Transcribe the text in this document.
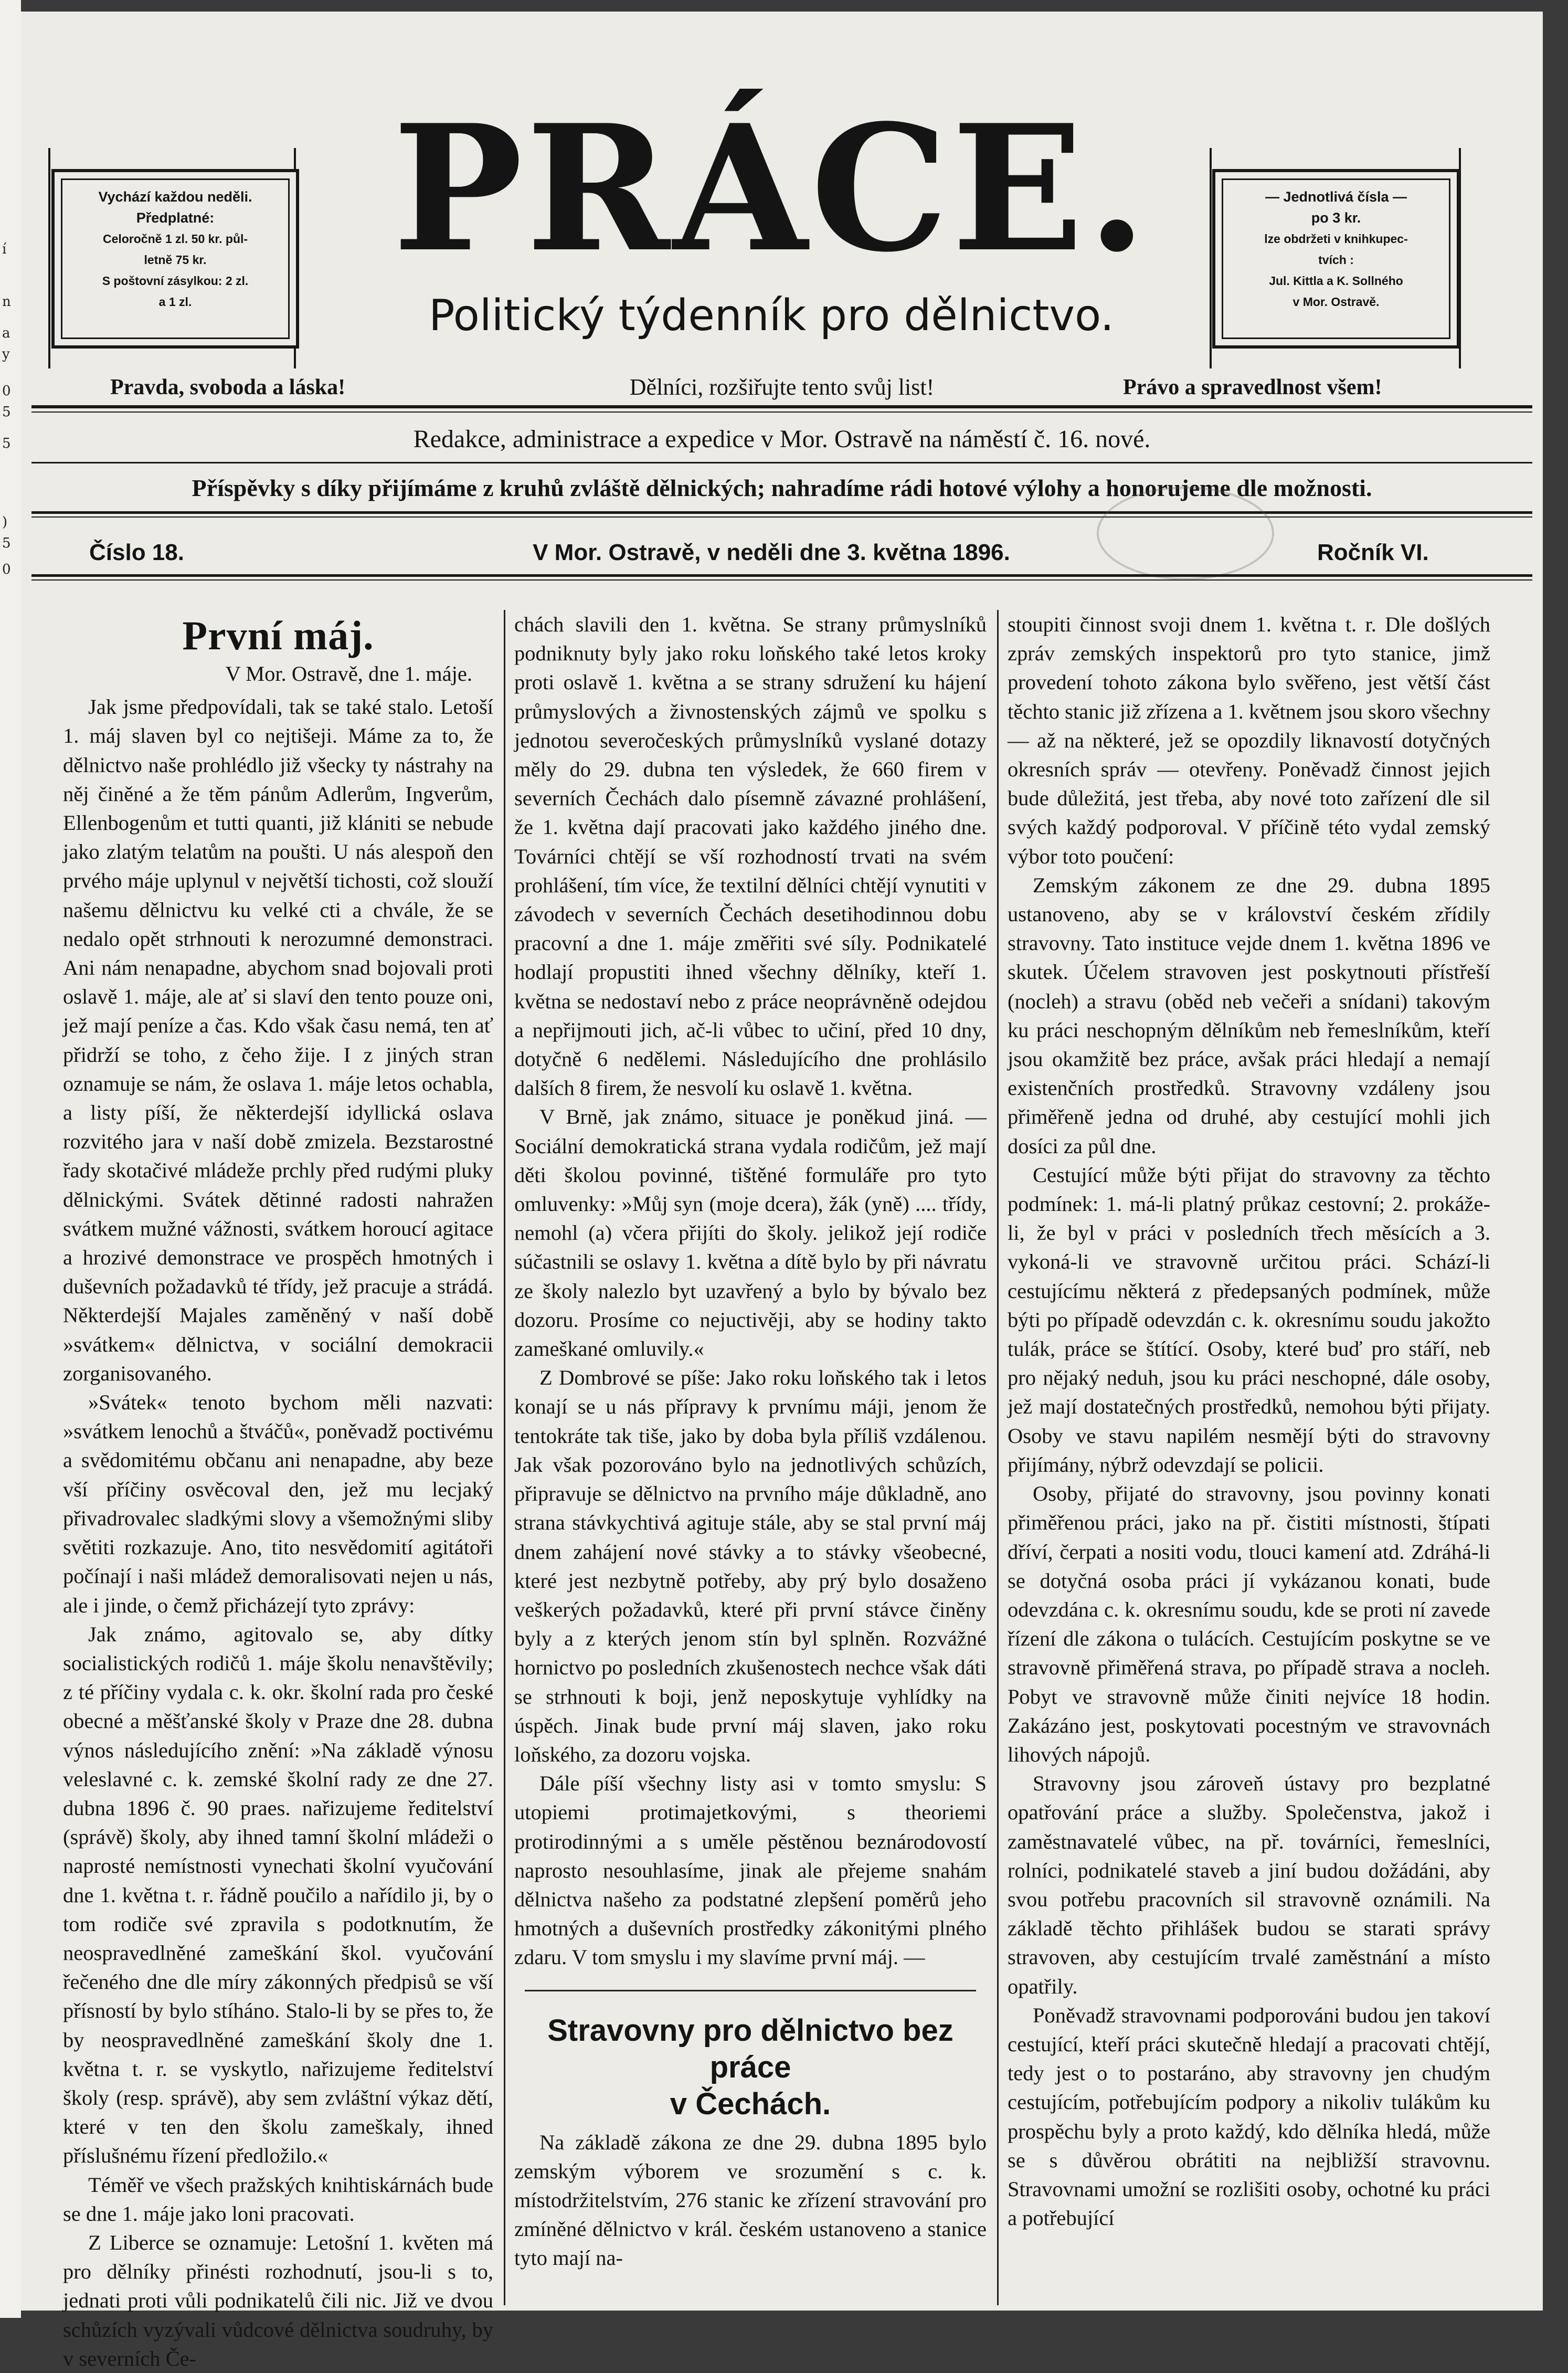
í
n
a
y
0
5
5
)
5
0
Vychází každou neděli.
Předplatné:
Celoročně 1 zl. 50 kr. půl-
letně 75 kr.
S poštovní zásylkou: 2 zl.
a 1 zl.
— Jednotlivá čísla —
po 3 kr.
lze obdržeti v knihkupec-
tvích :
Jul. Kittla a K. Sollného
v Mor. Ostravě.
PRÁCE.
Politický týdenník pro dělnictvo.
Pravda, svoboda a láska!	Dělníci, rozšiřujte tento svůj list!	Právo a spravedlnost všem!
Redakce, administrace a expedice v Mor. Ostravě na náměstí č. 16. nové.
Příspěvky s díky přijímáme z kruhů zvláště dělnických; nahradíme rádi hotové výlohy a honorujeme dle možnosti.
Číslo 18.	V Mor. Ostravě, v neděli dne 3. května 1896.	Ročník VI.
První máj.

V Mor. Ostravě, dne 1. máje.

Jak jsme předpovídali, tak se také stalo. Letoší 1. máj slaven byl co nejtišeji. Máme za to, že dělnictvo naše prohlédlo již všecky ty nástrahy na něj činěné a že těm pánům Adlerům, Ingverům, Ellenbogenům et tutti quanti, již klániti se nebude jako zlatým telatům na poušti. U nás alespoň den prvého máje uplynul v největší tichosti, což slouží našemu dělnictvu ku velké cti a chvále, že se nedalo opět strhnouti k nerozumné demonstraci. Ani nám nenapadne, abychom snad bojovali proti oslavě 1. máje, ale ať si slaví den tento pouze oni, jež mají peníze a čas. Kdo však času nemá, ten ať přidrží se toho, z čeho žije. I z jiných stran oznamuje se nám, že oslava 1. máje letos ochabla, a listy píší, že některdejší idyllická oslava rozvitého jara v naší době zmizela. Bezstarostné řady skotačivé mládeže prchly před rudými pluky dělnickými. Svátek dětinné radosti nahražen svátkem mužné vážnosti, svátkem horoucí agitace a hrozivé demonstrace ve prospěch hmotných i duševních požadavků té třídy, jež pracuje a strádá. Některdejší Majales zaměněný v naší době »svátkem« dělnictva, v sociální demokracii zorganisovaného.

»Svátek« tenoto bychom měli nazvati: »svátkem lenochů a štváčů«, poněvadž poctivému a svědomitému občanu ani nenapadne, aby beze vší příčiny osvěcoval den, jež mu lecjaký přivadrovalec sladkými slovy a všemožnými sliby světiti rozkazuje. Ano, tito nesvědomití agitátoři počínají i naši mládež demoralisovati nejen u nás, ale i jinde, o čemž přicházejí tyto zprávy:

Jak známo, agitovalo se, aby dítky socialistických rodičů 1. máje školu nenavštěvily; z té příčiny vydala c. k. okr. školní rada pro české obecné a měšťanské školy v Praze dne 28. dubna výnos následujícího znění: »Na základě výnosu veleslavné c. k. zemské školní rady ze dne 27. dubna 1896 č. 90 praes. nařizujeme ředitelství (správě) školy, aby ihned tamní školní mládeži o naprosté nemístnosti vynechati školní vyučování dne 1. května t. r. řádně poučilo a nařídilo ji, by o tom rodiče své zpravila s podotknutím, že neospravedlněné zameškání škol. vyučování řečeného dne dle míry zákonných předpisů se vší přísností by bylo stíháno. Stalo-li by se přes to, že by neospravedlněné zameškání školy dne 1. května t. r. se vyskytlo, nařizujeme ředitelství školy (resp. správě), aby sem zvláštní výkaz dětí, které v ten den školu zameškaly, ihned příslušnému řízení předložilo.«

Téměř ve všech pražských knihtiskárnách bude se dne 1. máje jako loni pracovati.

Z Liberce se oznamuje: Letošní 1. květen má pro dělníky přinésti rozhodnutí, jsou-li s to, jednati proti vůli podnikatelů čili nic. Již ve dvou schůzích vyzývali vůdcové dělnictva soudruhy, by v severních Če-

chách slavili den 1. května. Se strany průmyslníků podniknuty byly jako roku loňského také letos kroky proti oslavě 1. května a se strany sdružení ku hájení průmyslových a živnostenských zájmů ve spolku s jednotou severočeských průmyslníků vyslané dotazy měly do 29. dubna ten výsledek, že 660 firem v severních Čechách dalo písemně závazné prohlášení, že 1. května dají pracovati jako každého jiného dne. Továrníci chtějí se vší rozhodností trvati na svém prohlášení, tím více, že textilní dělníci chtějí vynutiti v závodech v severních Čechách desetihodinnou dobu pracovní a dne 1. máje změřiti své síly. Podnikatelé hodlají propustiti ihned všechny dělníky, kteří 1. května se nedostaví nebo z práce neoprávněně odejdou a nepřijmouti jich, ač-li vůbec to učiní, před 10 dny, dotyčně 6 nedělemi. Následujícího dne prohlásilo dalších 8 firem, že nesvolí ku oslavě 1. května.

V Brně, jak známo, situace je poněkud jiná. — Sociální demokratická strana vydala rodičům, jež mají děti školou povinné, tištěné formuláře pro tyto omluvenky: »Můj syn (moje dcera), žák (yně) .... třídy, nemohl (a) včera přijíti do školy. jelikož její rodiče súčastnili se oslavy 1. května a dítě bylo by při návratu ze školy nalezlo byt uzavřený a bylo by bývalo bez dozoru. Prosíme co nejuctivěji, aby se hodiny takto zameškané omluvily.«

Z Dombrové se píše: Jako roku loňského tak i letos konají se u nás přípravy k prvnímu máji, jenom že tentokráte tak tiše, jako by doba byla příliš vzdálenou. Jak však pozorováno bylo na jednotlivých schůzích, připravuje se dělnictvo na prvního máje důkladně, ano strana stávkychtivá agituje stále, aby se stal první máj dnem zahájení nové stávky a to stávky všeobecné, které jest nezbytně potřeby, aby prý bylo dosaženo veškerých požadavků, které při první stávce činěny byly a z kterých jenom stín byl splněn. Rozvážné hornictvo po posledních zkušenostech nechce však dáti se strhnouti k boji, jenž neposkytuje vyhlídky na úspěch. Jinak bude první máj slaven, jako roku loňského, za dozoru vojska.

Dále píší všechny listy asi v tomto smyslu: S utopiemi protimajetkovými, s theoriemi protirodinnými a s uměle pěstěnou beznárodovostí naprosto nesouhlasíme, jinak ale přejeme snahám dělnictva našeho za podstatné zlepšení poměrů jeho hmotných a duševních prostředky zákonitými plného zdaru. V tom smyslu i my slavíme první máj. —

Stravovny pro dělnictvo bez práce
v Čechách.

Na základě zákona ze dne 29. dubna 1895 bylo zemským výborem ve srozumění s c. k. místodržitelstvím, 276 stanic ke zřízení stravování pro zmíněné dělnictvo v král. českém ustanoveno a stanice tyto mají na-

stoupiti činnost svoji dnem 1. května t. r. Dle došlých zpráv zemských inspektorů pro tyto stanice, jimž provedení tohoto zákona bylo svěřeno, jest větší část těchto stanic již zřízena a 1. květnem jsou skoro všechny — až na některé, jež se opozdily liknavostí dotyčných okresních správ — otevřeny. Poněvadž činnost jejich bude důležitá, jest třeba, aby nové toto zařízení dle sil svých každý podporoval. V příčině této vydal zemský výbor toto poučení:

Zemským zákonem ze dne 29. dubna 1895 ustanoveno, aby se v království českém zřídily stravovny. Tato instituce vejde dnem 1. května 1896 ve skutek. Účelem stravoven jest poskytnouti přístřeší (nocleh) a stravu (oběd neb večeři a snídani) takovým ku práci neschopným dělníkům neb řemeslníkům, kteří jsou okamžitě bez práce, avšak práci hledají a nemají existenčních prostředků. Stravovny vzdáleny jsou přiměřeně jedna od druhé, aby cestující mohli jich dosíci za půl dne.

Cestující může býti přijat do stravovny za těchto podmínek: 1. má-li platný průkaz cestovní; 2. prokáže-li, že byl v práci v posledních třech měsících a 3. vykoná-li ve stravovně určitou práci. Schází-li cestujícímu některá z předepsaných podmínek, může býti po případě odevzdán c. k. okresnímu soudu jakožto tulák, práce se štítící. Osoby, které buď pro stáří, neb pro nějaký neduh, jsou ku práci neschopné, dále osoby, jež mají dostatečných prostředků, nemohou býti přijaty. Osoby ve stavu napilém nesmějí býti do stravovny přijímány, nýbrž odevzdají se policii.

Osoby, přijaté do stravovny, jsou povinny konati přiměřenou práci, jako na př. čistiti místnosti, štípati dříví, čerpati a nositi vodu, tlouci kamení atd. Zdráhá-li se dotyčná osoba práci jí vykázanou konati, bude odevzdána c. k. okresnímu soudu, kde se proti ní zavede řízení dle zákona o tulácích. Cestujícím poskytne se ve stravovně přiměřená strava, po případě strava a nocleh. Pobyt ve stravovně může činiti nejvíce 18 hodin. Zakázáno jest, poskytovati pocestným ve stravovnách lihových nápojů.

Stravovny jsou zároveň ústavy pro bezplatné opatřování práce a služby. Společenstva, jakož i zaměstnavatelé vůbec, na př. továrníci, řemeslníci, rolníci, podnikatelé staveb a jiní budou dožádáni, aby svou potřebu pracovních sil stravovně oznámili. Na základě těchto přihlášek budou se starati správy stravoven, aby cestujícím trvalé zaměstnání a místo opatřily.

Poněvadž stravovnami podporováni budou jen takoví cestující, kteří práci skutečně hledají a pracovati chtějí, tedy jest o to postaráno, aby stravovny jen chudým cestujícím, potřebujícím podpory a nikoliv tulákům ku prospěchu byly a proto každý, kdo dělníka hledá, může se s důvěrou obrátiti na nejbližší stravovnu. Stravovnami umožní se rozlišiti osoby, ochotné ku práci a potřebující
